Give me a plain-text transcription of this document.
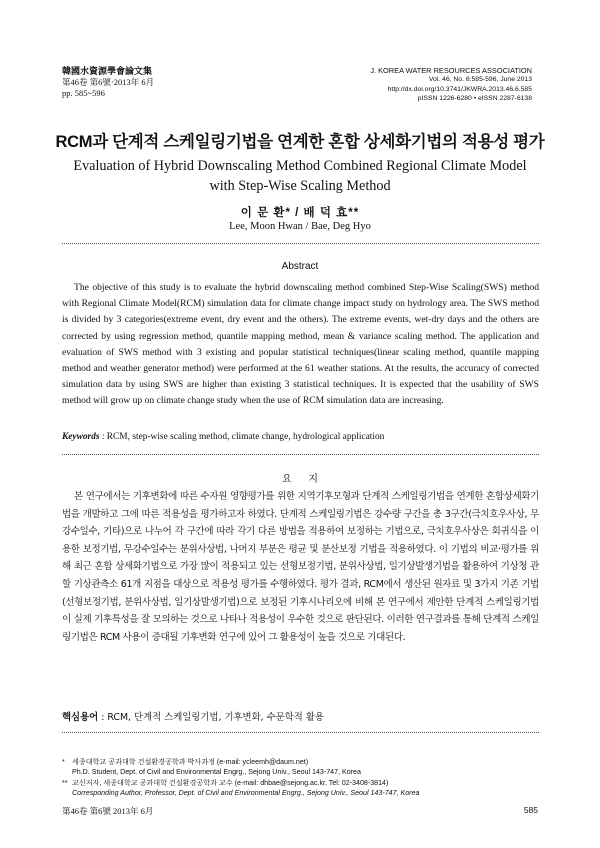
韓國水資源學會論文集
第46卷 第6號·2013年 6月
pp. 585~596
J. KOREA WATER RESOURCES ASSOCIATION
Vol. 46, No. 6:585-596, June 2013
http://dx.doi.org/10.3741/JKWRA.2013.46.6.585
pISSN 1226-6280 • eISSN 2287-6138
RCM과 단계적 스케일링기법을 연계한 혼합 상세화기법의 적용성 평가
Evaluation of Hybrid Downscaling Method Combined Regional Climate Model
with Step-Wise Scaling Method
이 문 환* / 배 덕 효**
Lee, Moon Hwan / Bae, Deg Hyo
Abstract

The objective of this study is to evaluate the hybrid downscaling method combined Step-Wise Scaling(SWS) method with Regional Climate Model(RCM) simulation data for climate change impact study on hydrology area. The SWS method is divided by 3 categories(extreme event, dry event and the others). The extreme events, wet-dry days and the others are corrected by using regression method, quantile mapping method, mean & variance scaling method. The application and evaluation of SWS method with 3 existing and popular statistical techniques(linear scaling method, quantile mapping method and weather generator method) were performed at the 61 weather stations. At the results, the accuracy of corrected simulation data by using SWS are higher than existing 3 statistical techniques. It is expected that the usability of SWS method will grow up on climate change study when the use of RCM simulation data are increasing.

Keywords : RCM, step-wise scaling method, climate change, hydrological application
요      지

본 연구에서는 기후변화에 따른 수자원 영향평가를 위한 지역기후모형과 단계적 스케일링기법을 연계한 혼합상세화기법을 개발하고 그에 따른 적용성을 평가하고자 하였다. 단계적 스케일링기법은 강수량 구간을 총 3구간(극치호우사상, 무강수일수, 기타)으로 나누어 각 구간에 따라 각기 다른 방법을 적용하여 보정하는 기법으로, 극치호우사상은 회귀식을 이용한 보정기법, 무강수일수는 분위사상법, 나머지 부분은 평균 및 분산보정 기법을 적용하였다. 이 기법의 비교·평가를 위해 최근 혼합 상세화기법으로 가장 많이 적용되고 있는 선형보정기법, 분위사상법, 일기상발생기법을 활용하여 기상청 관할 기상관측소 61개 지점을 대상으로 적용성 평가를 수행하였다. 평가 결과, RCM에서 생산된 원자료 및 3가지 기존 기법(선형보정기법, 분위사상법, 일기상발생기법)으로 보정된 기후시나리오에 비해 본 연구에서 제안한 단계적 스케일링기법이 실제 기후특성을 잘 모의하는 것으로 나타나 적용성이 우수한 것으로 판단된다. 이러한 연구결과를 통해 단계적 스케일링기법은 RCM 사용이 증대될 기후변화 연구에 있어 그 활용성이 높을 것으로 기대된다.

핵심용어 : RCM, 단계적 스케일링기법, 기후변화, 수문학적 활용
* 세종대학교 공과대학 건설환경공학과 박사과정 (e-mail: ycleemh@daum.net)
Ph.D. Student, Dept. of Civil and Environmental Engrg., Sejong Univ., Seoul 143-747, Korea
** 교신저자, 세종대학교 공과대학 건설환경공학과 교수 (e-mail: dhbae@sejong.ac.kr, Tel: 02-3408-3814)
Corresponding Author, Professor, Dept. of Civil and Environmental Engrg., Sejong Univ., Seoul 143-747, Korea
第46卷 第6號 2013年 6月	585
